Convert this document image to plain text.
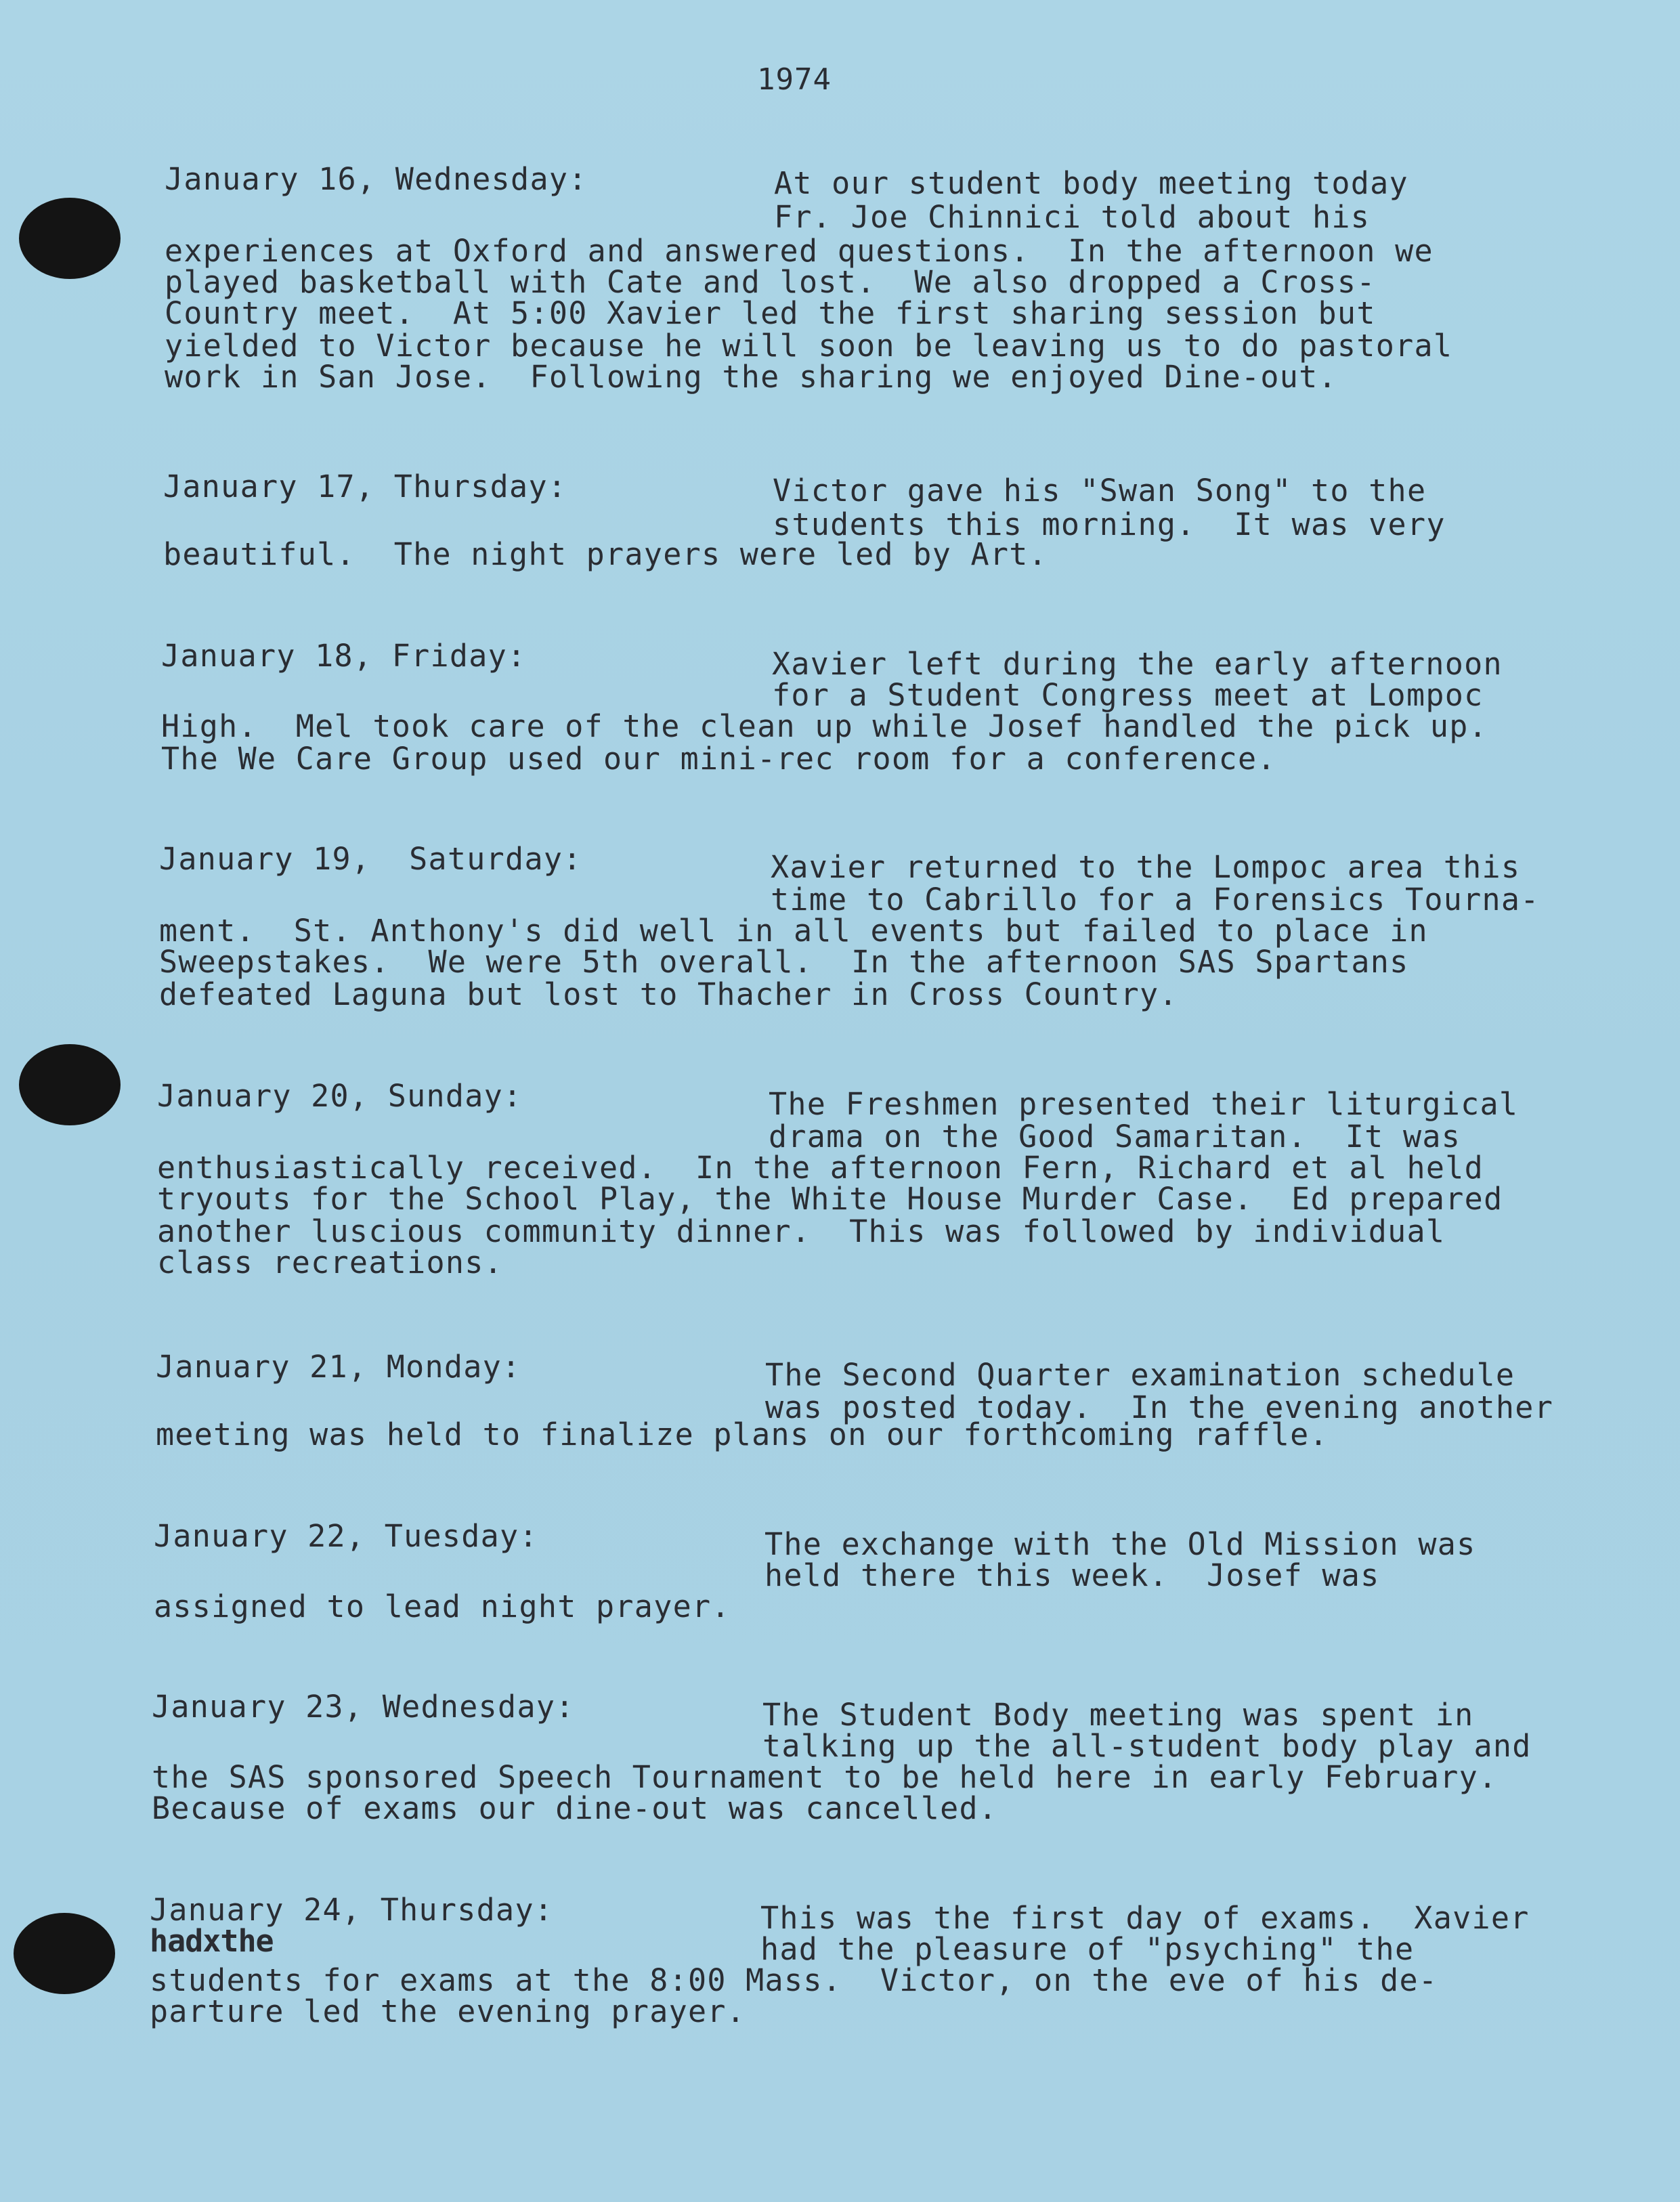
1974
January 16, Wednesday:	At our student body meeting today
Fr. Joe Chinnici told about his
experiences at Oxford and answered questions.  In the afternoon we
played basketball with Cate and lost.  We also dropped a Cross-
Country meet.  At 5:00 Xavier led the first sharing session but
yielded to Victor because he will soon be leaving us to do pastoral
work in San Jose.  Following the sharing we enjoyed Dine-out.
January 17, Thursday:	Victor gave his "Swan Song" to the
students this morning.  It was very
beautiful.  The night prayers were led by Art.
January 18, Friday:	Xavier left during the early afternoon
for a Student Congress meet at Lompoc
High.  Mel took care of the clean up while Josef handled the pick up.
The We Care Group used our mini-rec room for a conference.
January 19,  Saturday:	Xavier returned to the Lompoc area this
time to Cabrillo for a Forensics Tourna-
ment.  St. Anthony's did well in all events but failed to place in
Sweepstakes.  We were 5th overall.  In the afternoon SAS Spartans
defeated Laguna but lost to Thacher in Cross Country.
January 20, Sunday:	The Freshmen presented their liturgical
drama on the Good Samaritan.  It was
enthusiastically received.  In the afternoon Fern, Richard et al held
tryouts for the School Play, the White House Murder Case.  Ed prepared
another luscious community dinner.  This was followed by individual
class recreations.
January 21, Monday:	The Second Quarter examination schedule
was posted today.  In the evening another
meeting was held to finalize plans on our forthcoming raffle.
January 22, Tuesday:	The exchange with the Old Mission was
held there this week.  Josef was
assigned to lead night prayer.
January 23, Wednesday:	The Student Body meeting was spent in
talking up the all-student body play and
the SAS sponsored Speech Tournament to be held here in early February.
Because of exams our dine-out was cancelled.
January 24, Thursday:
hadxthe
This was the first day of exams.  Xavier
had the pleasure of "psyching" the
students for exams at the 8:00 Mass.  Victor, on the eve of his de-
parture led the evening prayer.
